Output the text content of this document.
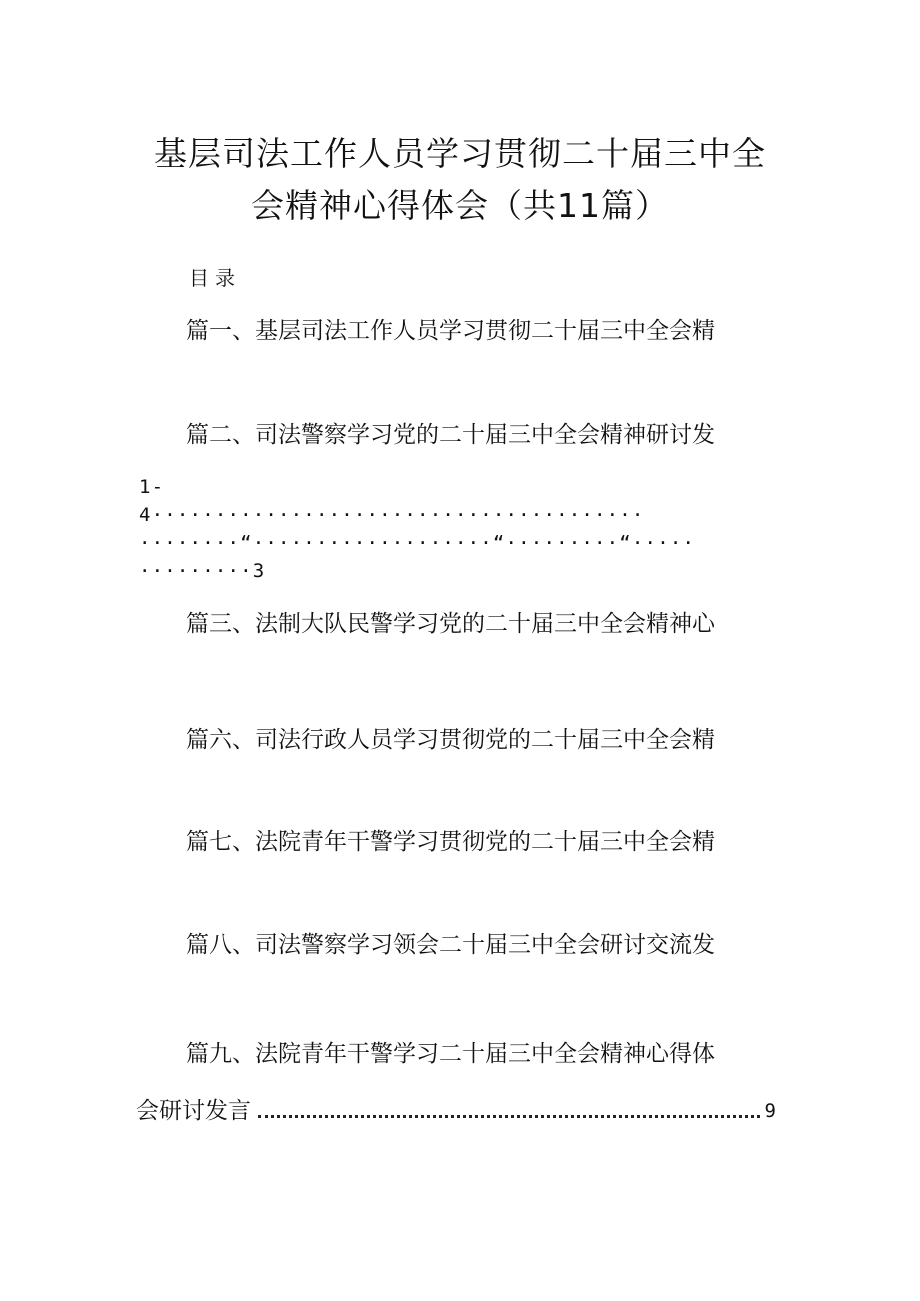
基层司法工作人员学习贯彻二十届三中全
会精神心得体会（共11篇）
目录
篇一、基层司法工作人员学习贯彻二十届三中全会精
篇二、司法警察学习党的二十届三中全会精神研讨发
1-
4·······································
········“···················“·········“·····
·········3
篇三、法制大队民警学习党的二十届三中全会精神心
篇六、司法行政人员学习贯彻党的二十届三中全会精
篇七、法院青年干警学习贯彻党的二十届三中全会精
篇八、司法警察学习领会二十届三中全会研讨交流发
篇九、法院青年干警学习二十届三中全会精神心得体
会研讨发言	9
